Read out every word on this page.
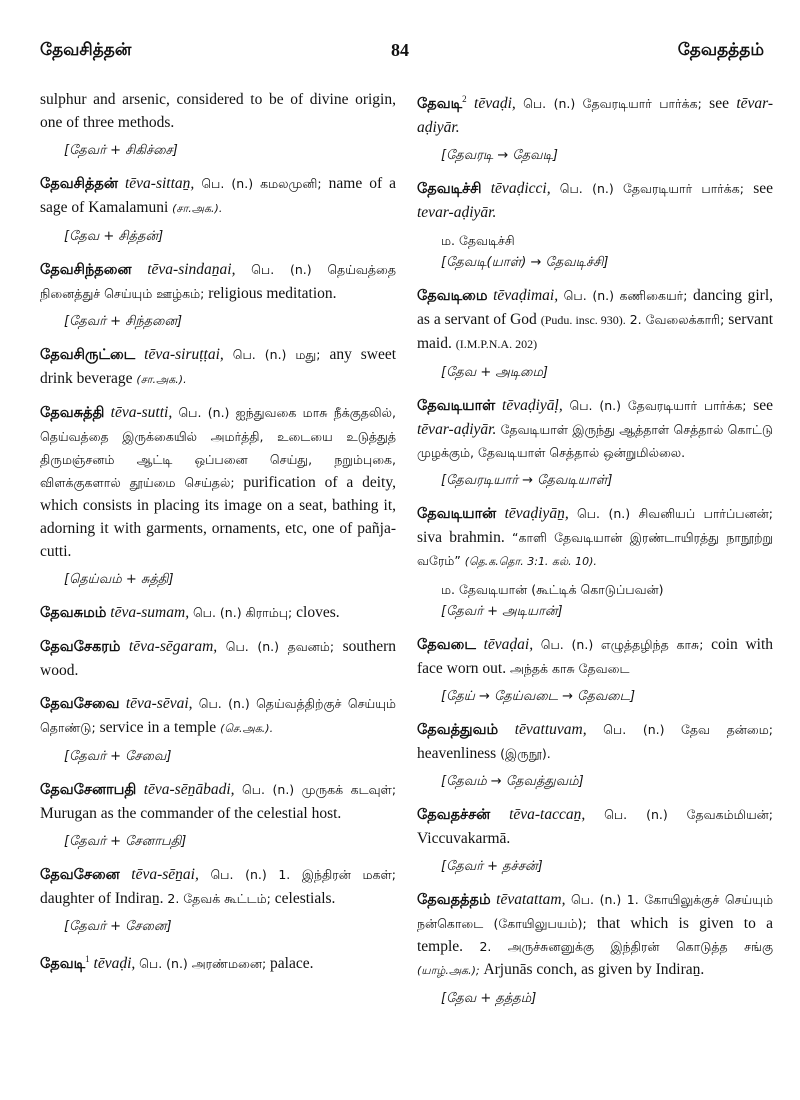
தேவசித்தன்	84	தேவதத்தம்
sulphur and arsenic, considered to be of divine origin, one of three methods.
[தேவர் + சிகிச்சை]
தேவசித்தன் tēva-sittaṉ, பெ. (n.) கமலமுனி; name of a sage of Kamalamuni (சா.அக.).
[தேவ + சித்தன்]
தேவசிந்தனை tēva-sindaṉai, பெ. (n.) தெய்வத்தை நினைத்துச் செய்யும் ஊழ்கம்; religious meditation.
[தேவர் + சிந்தனை]
தேவசிருட்டை tēva-siruṭṭai, பெ. (n.) மது; any sweet drink beverage (சா.அக.).
தேவசுத்தி tēva-sutti, பெ. (n.) ஐந்துவகை மாசு நீக்குதலில், தெய்வத்தை இருக்கையில் அமர்த்தி, உடையை உடுத்துத் திருமஞ்சனம் ஆட்டி ஒப்பனை செய்து, நறும்புகை, விளக்குகளால் தூய்மை செய்தல்; purification of a deity, which consists in placing its image on a seat, bathing it, adorning it with garments, ornaments, etc, one of pañja-cutti.
[தெய்வம் + சுத்தி]
தேவசுமம் tēva-sumam, பெ. (n.) கிராம்பு; cloves.
தேவசேகரம் tēva-sēgaram, பெ. (n.) தவனம்; southern wood.
தேவசேவை tēva-sēvai, பெ. (n.) தெய்வத்திற்குச் செய்யும் தொண்டு; service in a temple (செ.அக.).
[தேவர் + சேவை]
தேவசேனாபதி tēva-sēṉābadi, பெ. (n.) முருகக் கடவுள்; Murugan as the commander of the celestial host.
[தேவர் + சேனாபதி]
தேவசேனை tēva-sēṉai, பெ. (n.) 1. இந்திரன் மகள்; daughter of Indiraṉ. 2. தேவக் கூட்டம்; celestials.
[தேவர் + சேனை]
தேவடி$^1$ tēvaḍi, பெ. (n.) அரண்மனை; palace.
தேவடி$^2$ tēvaḍi, பெ. (n.) தேவரடியார் பார்க்க; see tēvar-aḍiyār.
[தேவரடி → தேவடி]
தேவடிச்சி tēvaḍicci, பெ. (n.) தேவரடியார் பார்க்க; see tevar-aḍiyār.
ம. தேவடிச்சி
[தேவடி(யாள்) → தேவடிச்சி]
தேவடிமை tēvaḍimai, பெ. (n.) கணிகையர்; dancing girl, as a servant of God (Pudu. insc. 930). 2. வேலைக்காரி; servant maid. (I.M.P.N.A. 202)
[தேவ + அடிமை]
தேவடியாள் tēvaḍiyāḷ, பெ. (n.) தேவரடியார் பார்க்க; see tēvar-aḍiyār. தேவடியாள் இருந்து ஆத்தாள் செத்தால் கொட்டு முழக்கும், தேவடியாள் செத்தால் ஒன்றுமில்லை.
[தேவரடியார் → தேவடியாள்]
தேவடியான் tēvaḍiyāṉ, பெ. (n.) சிவனியப் பார்ப்பனன்; siva brahmin. “காளி தேவடியான் இரண்டாயிரத்து நாநூற்று வரேம்” (தெ.க.தொ. 3:1. கல். 10).
ம. தேவடியான் (கூட்டிக் கொடுப்பவன்)
[தேவர் + அடியான்]
தேவடை tēvaḍai, பெ. (n.) எழுத்தழிந்த காசு; coin with face worn out. அந்தக் காசு தேவடை
[தேய் → தேய்வடை → தேவடை]
தேவத்துவம் tēvattuvam, பெ. (n.) தேவ தன்மை; heavenliness (இருநூ).
[தேவம் → தேவத்துவம்]
தேவதச்சன் tēva-taccaṉ, பெ. (n.) தேவகம்மியன்; Viccuvakarmā.
[தேவர் + தச்சன்]
தேவதத்தம் tēvatattam, பெ. (n.) 1. கோயிலுக்குச் செய்யும் நன்கொடை (கோயிலுபயம்); that which is given to a temple. 2. அருச்சுனனுக்கு இந்திரன் கொடுத்த சங்கு (யாழ்.அக.); Arjunās conch, as given by Indiraṉ.
[தேவ + தத்தம்]
